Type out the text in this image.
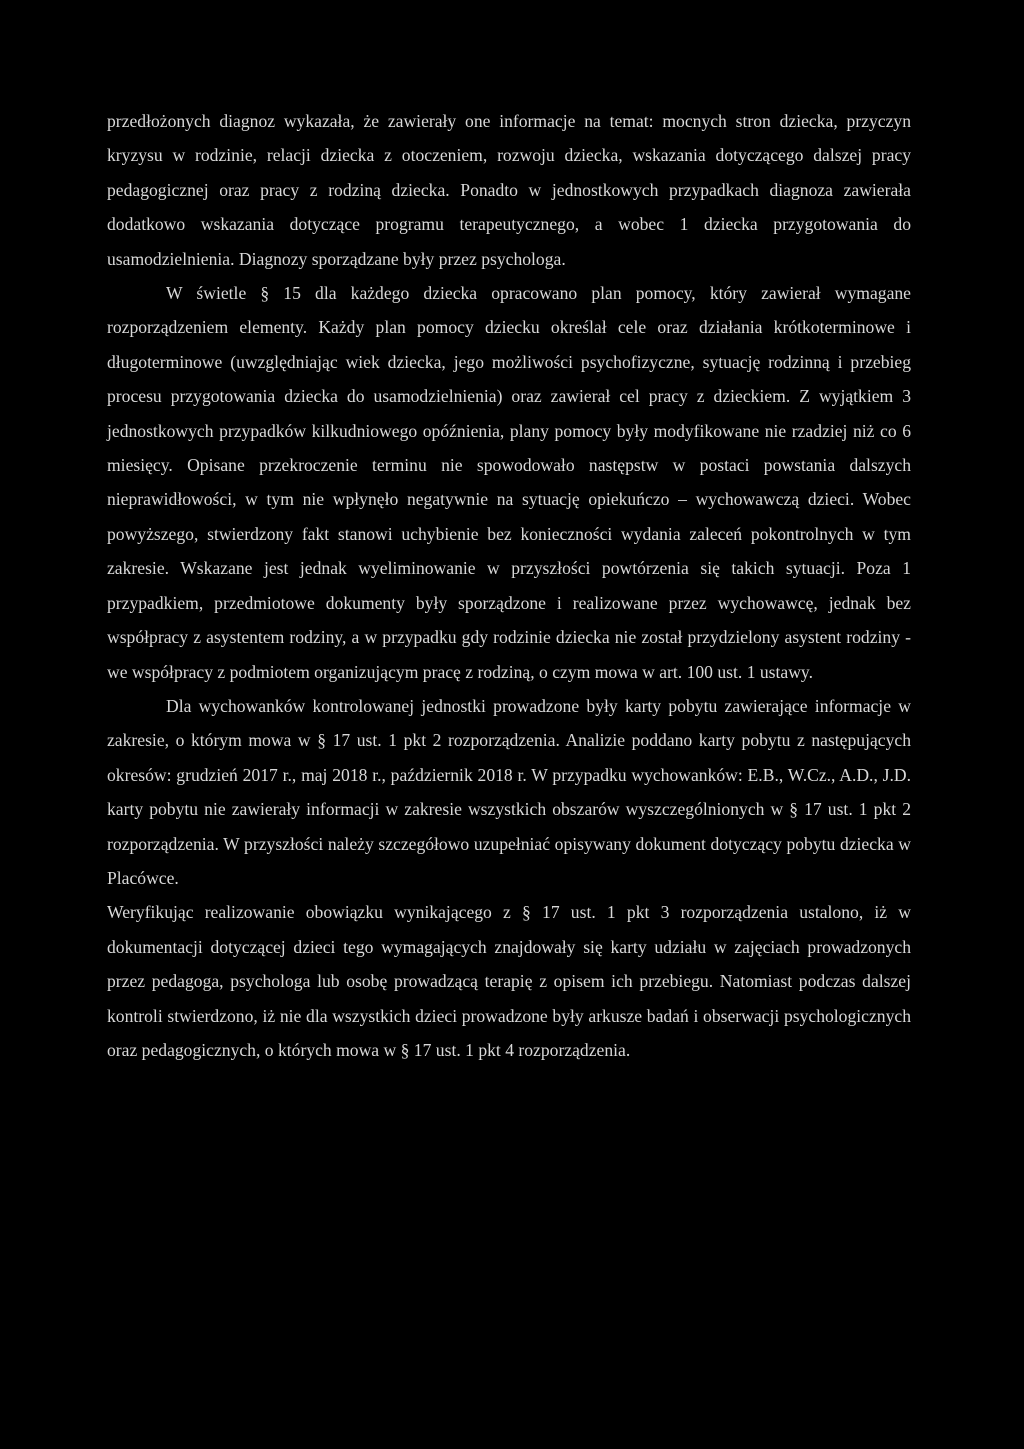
przedłożonych diagnoz wykazała, że zawierały one informacje na temat: mocnych stron dziecka, przyczyn kryzysu w rodzinie, relacji dziecka z otoczeniem, rozwoju dziecka, wskazania dotyczącego dalszej pracy pedagogicznej oraz pracy z rodziną dziecka. Ponadto w jednostkowych przypadkach diagnoza zawierała dodatkowo wskazania dotyczące programu terapeutycznego, a wobec 1 dziecka przygotowania do usamodzielnienia. Diagnozy sporządzane były przez psychologa.

W świetle § 15 dla każdego dziecka opracowano plan pomocy, który zawierał wymagane rozporządzeniem elementy. Każdy plan pomocy dziecku określał cele oraz działania krótkoterminowe i długoterminowe (uwzględniając wiek dziecka, jego możliwości psychofizyczne, sytuację rodzinną i przebieg procesu przygotowania dziecka do usamodzielnienia) oraz zawierał cel pracy z dzieckiem. Z wyjątkiem 3 jednostkowych przypadków kilkudniowego opóźnienia, plany pomocy były modyfikowane nie rzadziej niż co 6 miesięcy. Opisane przekroczenie terminu nie spowodowało następstw w postaci powstania dalszych nieprawidłowości, w tym nie wpłynęło negatywnie na sytuację opiekuńczo – wychowawczą dzieci. Wobec powyższego, stwierdzony fakt stanowi uchybienie bez konieczności wydania zaleceń pokontrolnych w tym zakresie. Wskazane jest jednak wyeliminowanie w przyszłości powtórzenia się takich sytuacji. Poza 1 przypadkiem, przedmiotowe dokumenty były sporządzone i realizowane przez wychowawcę, jednak bez współpracy z asystentem rodziny, a w przypadku gdy rodzinie dziecka nie został przydzielony asystent rodziny - we współpracy z podmiotem organizującym pracę z rodziną, o czym mowa w art. 100 ust. 1 ustawy.

Dla wychowanków kontrolowanej jednostki prowadzone były karty pobytu zawierające informacje w zakresie, o którym mowa w § 17 ust. 1 pkt 2 rozporządzenia. Analizie poddano karty pobytu z następujących okresów: grudzień 2017 r., maj 2018 r., październik 2018 r. W przypadku wychowanków: E.B., W.Cz., A.D., J.D. karty pobytu nie zawierały informacji w zakresie wszystkich obszarów wyszczególnionych w § 17 ust. 1 pkt 2 rozporządzenia. W przyszłości należy szczegółowo uzupełniać opisywany dokument dotyczący pobytu dziecka w Placówce.

Weryfikując realizowanie obowiązku wynikającego z § 17 ust. 1 pkt 3 rozporządzenia ustalono, iż w dokumentacji dotyczącej dzieci tego wymagających znajdowały się karty udziału w zajęciach prowadzonych przez pedagoga, psychologa lub osobę prowadzącą terapię z opisem ich przebiegu. Natomiast podczas dalszej kontroli stwierdzono, iż nie dla wszystkich dzieci prowadzone były arkusze badań i obserwacji psychologicznych oraz pedagogicznych, o których mowa w § 17 ust. 1 pkt 4 rozporządzenia.
